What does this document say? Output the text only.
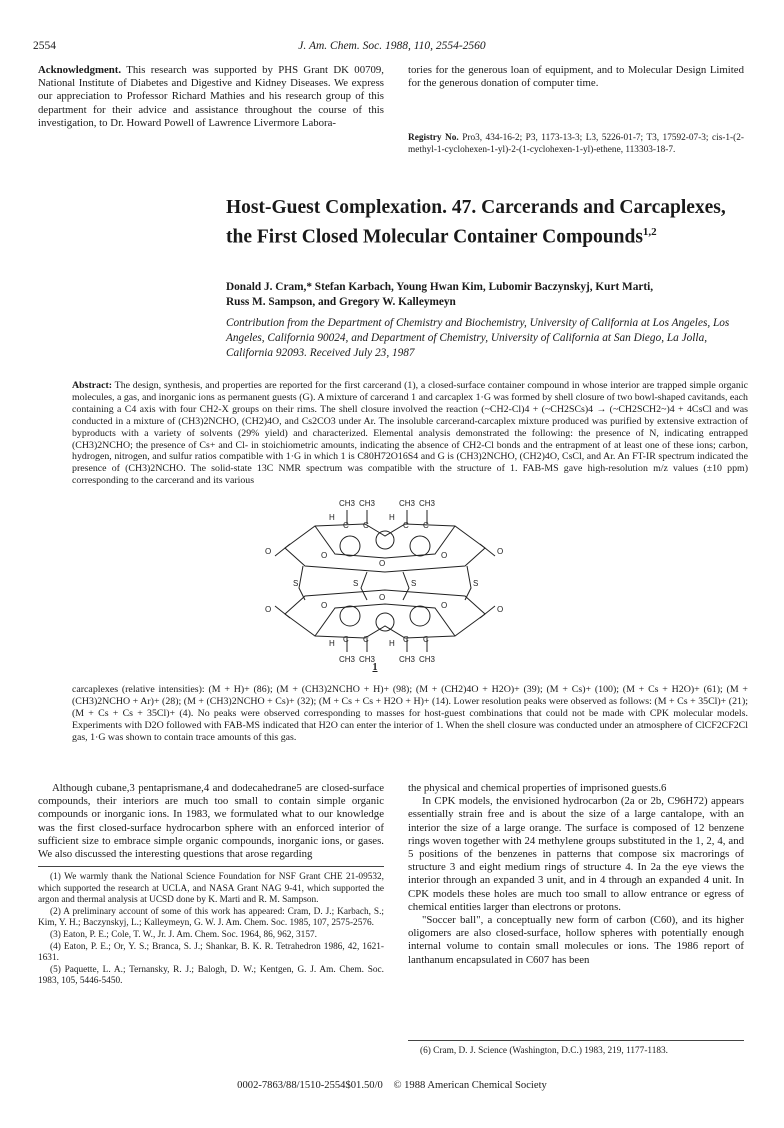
2554	J. Am. Chem. Soc. 1988, 110, 2554-2560

Acknowledgment. This research was supported by PHS Grant DK 00709, National Institute of Diabetes and Digestive and Kidney Diseases. We express our appreciation to Professor Richard Mathies and his research group of this department for their advice and assistance throughout the course of this investigation, to Dr. Howard Powell of Lawrence Livermore Labora-

tories for the generous loan of equipment, and to Molecular Design Limited for the generous donation of computer time.

Registry No. Pro3, 434-16-2; P3, 1173-13-3; L3, 5226-01-7; T3, 17592-07-3; cis-1-(2-methyl-1-cyclohexen-1-yl)-2-(1-cyclohexen-1-yl)-ethene, 113303-18-7.

Host-Guest Complexation. 47. Carcerands and Carcaplexes,
the First Closed Molecular Container Compounds$^{1,2}$

Donald J. Cram,* Stefan Karbach, Young Hwan Kim, Lubomir Baczynskyj, Kurt Marti,
Russ M. Sampson, and Gregory W. Kalleymeyn

Contribution from the Department of Chemistry and Biochemistry, University of California at Los Angeles, Los Angeles, California 90024, and Department of Chemistry, University of California at San Diego, La Jolla, California 92093. Received July 23, 1987

Abstract: The design, synthesis, and properties are reported for the first carcerand (1), a closed-surface container compound in whose interior are trapped simple organic molecules, a gas, and inorganic ions as permanent guests (G). A mixture of carcerand 1 and carcaplex 1·G was formed by shell closure of two bowl-shaped cavitands, each containing a C4 axis with four CH2-X groups on their rims. The shell closure involved the reaction (~CH2-Cl)4 + (~CH2SCs)4 → (~CH2SCH2~)4 + 4CsCl and was conducted in a mixture of (CH3)2NCHO, (CH2)4O, and Cs2CO3 under Ar. The insoluble carcerand-carcaplex mixture produced was purified by extensive extraction of byproducts with a variety of solvents (29% yield) and characterized. Elemental analysis demonstrated the following: the presence of N, indicating entrapped (CH3)2NCHO; the presence of Cs+ and Cl- in stoichiometric amounts, indicating the absence of CH2-Cl bonds and the entrapment of at least one of these ions; carbon, hydrogen, nitrogen, and sulfur ratios compatible with 1·G in which 1 is C80H72O16S4 and G is (CH3)2NCHO, (CH2)4O, CsCl, and Ar. An FT-IR spectrum indicated the presence of (CH3)2NCHO. The solid-state 13C NMR spectrum was compatible with the structure of 1. FAB-MS gave high-resolution m/z values (±10 ppm) corresponding to the carcerand and its various

CH3 CH3	CH3 CH3
H	H
C C	C C
O	O
O
O	O
S	S	S	S
O	O
O
O	O
C C	C C
H	H
CH3 CH3	CH3 CH3
1

carcaplexes (relative intensities): (M + H)+ (86); (M + (CH3)2NCHO + H)+ (98); (M + (CH2)4O + H2O)+ (39); (M + Cs)+ (100); (M + Cs + H2O)+ (61); (M + (CH3)2NCHO + Ar)+ (28); (M + (CH3)2NCHO + Cs)+ (32); (M + Cs + Cs + H2O + H)+ (14). Lower resolution peaks were observed as follows: (M + Cs + 35Cl)+ (21); (M + Cs + Cs + 35Cl)+ (4). No peaks were observed corresponding to masses for host-guest combinations that could not be made with CPK molecular models. Experiments with D2O followed with FAB-MS indicated that H2O can enter the interior of 1. When the shell closure was conducted under an atmosphere of ClCF2CF2Cl gas, 1·G was shown to contain trace amounts of this gas.

Although cubane,3 pentaprismane,4 and dodecahedrane5 are closed-surface compounds, their interiors are much too small to contain simple organic compounds or inorganic ions. In 1983, we formulated what to our knowledge was the first closed-surface hydrocarbon sphere with an enforced interior of sufficient size to embrace simple organic compounds, inorganic ions, or gases. We also discussed the interesting questions that arose regarding

the physical and chemical properties of imprisoned guests.6

In CPK models, the envisioned hydrocarbon (2a or 2b, C96H72) appears essentially strain free and is about the size of a large cantalope, with an interior the size of a large orange. The surface is composed of 12 benzene rings woven together with 24 methylene groups substituted in the 1, 2, 4, and 5 positions of the benzenes in patterns that compose six macrorings of structure 3 and eight medium rings of structure 4. In 2a the eye views the interior through an expanded 3 unit, and in 4 through an expanded 4 unit. In CPK models these holes are much too small to allow entrance or egress of chemical entities larger than electrons or protons.

"Soccer ball", a conceptually new form of carbon (C60), and its higher oligomers are also closed-surface, hollow spheres with potentially enough internal volume to contain small molecules or ions. The 1986 report of lanthanum encapsulated in C607 has been

(1) We warmly thank the National Science Foundation for NSF Grant CHE 21-09532, which supported the research at UCLA, and NASA Grant NAG 9-41, which supported the argon and thermal analysis at UCSD done by K. Marti and R. M. Sampson.

(2) A preliminary account of some of this work has appeared: Cram, D. J.; Karbach, S.; Kim, Y. H.; Baczynskyj, L.; Kalleymeyn, G. W. J. Am. Chem. Soc. 1985, 107, 2575-2576.

(3) Eaton, P. E.; Cole, T. W., Jr. J. Am. Chem. Soc. 1964, 86, 962, 3157.

(4) Eaton, P. E.; Or, Y. S.; Branca, S. J.; Shankar, B. K. R. Tetrahedron 1986, 42, 1621-1631.

(5) Paquette, L. A.; Ternansky, R. J.; Balogh, D. W.; Kentgen, G. J. Am. Chem. Soc. 1983, 105, 5446-5450.

(6) Cram, D. J. Science (Washington, D.C.) 1983, 219, 1177-1183.

0002-7863/88/1510-2554$01.50/0 © 1988 American Chemical Society
